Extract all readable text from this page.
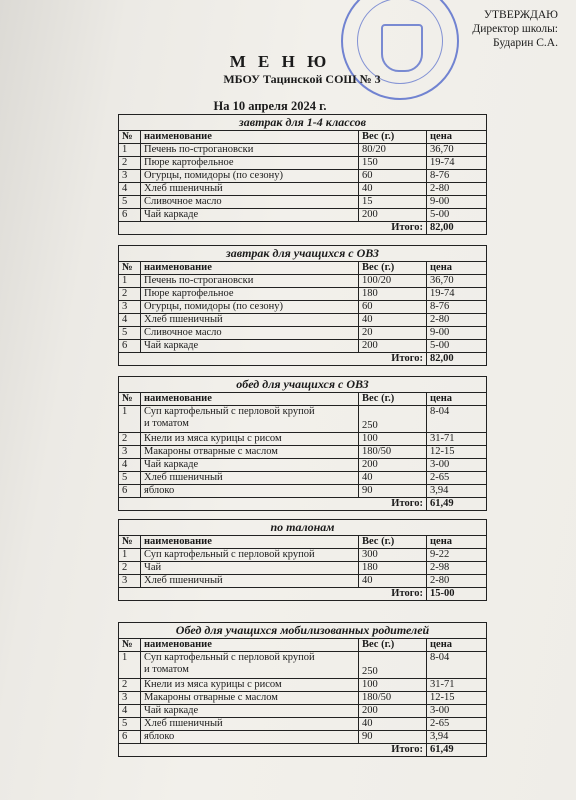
УТВЕРЖДАЮ
Директор школы:
Бударин С.А.
М Е Н Ю
МБОУ Тацинской СОШ № 3
На 10 апреля 2024 г.
завтрак для 1-4 классов			
№	наименование	Вес (г.)	цена
1	Печень по-строгановски	80/20	36,70
2	Пюре картофельное	150	19-74
3	Огурцы, помидоры (по сезону)	60	8-76
4	Хлеб пшеничный	40	2-80
5	Сливочное масло	15	9-00
6	Чай каркаде	200	5-00
Итого:			82,00
завтрак для учащихся с ОВЗ			
№	наименование	Вес (г.)	цена
1	Печень по-строгановски	100/20	36,70
2	Пюре картофельное	180	19-74
3	Огурцы, помидоры (по сезону)	60	8-76
4	Хлеб пшеничный	40	2-80
5	Сливочное масло	20	9-00
6	Чай каркаде	200	5-00
Итого:			82,00
обед для учащихся с ОВЗ			
№	наименование	Вес (г.)	цена
1	Суп картофельный с перловой крупой
и томатом	250	8-04
2	Кнели из мяса курицы с рисом	100	31-71
3	Макароны отварные с маслом	180/50	12-15
4	Чай каркаде	200	3-00
5	Хлеб пшеничный	40	2-65
6	яблоко	90	3,94
Итого:			61,49
по талонам			
№	наименование	Вес (г.)	цена
1	Суп картофельный с перловой крупой	300	9-22
2	Чай	180	2-98
3	Хлеб пшеничный	40	2-80
Итого:			15-00
Обед для учащихся мобилизованных родителей			
№	наименование	Вес (г.)	цена
1	Суп картофельный с перловой крупой
и томатом	250	8-04
2	Кнели из мяса курицы с рисом	100	31-71
3	Макароны отварные с маслом	180/50	12-15
4	Чай каркаде	200	3-00
5	Хлеб пшеничный	40	2-65
6	яблоко	90	3,94
Итого:			61,49
